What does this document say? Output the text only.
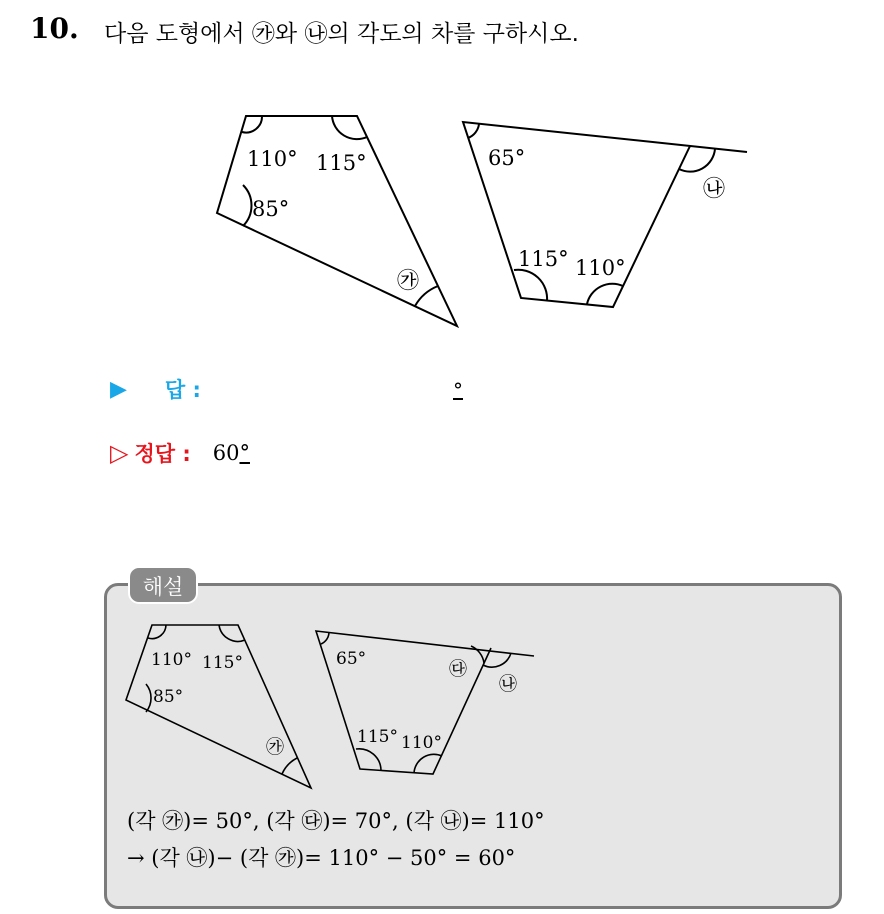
10. 다음 도형에서 ㉮와 ㉯의 각도의 차를 구하시오.
110° 115°
85°
65°
115° 110°
㉮
㉯
▶ 답 :	°
▷ 정답 : 60°
해설
110° 115°
85°
65°
115° 110°
㉮
㉰
㉯
(각 ㉮)= 50°, (각 ㉰)= 70°, (각 ㉯)= 110°
→ (각 ㉯)− (각 ㉮)= 110° − 50° = 60°
